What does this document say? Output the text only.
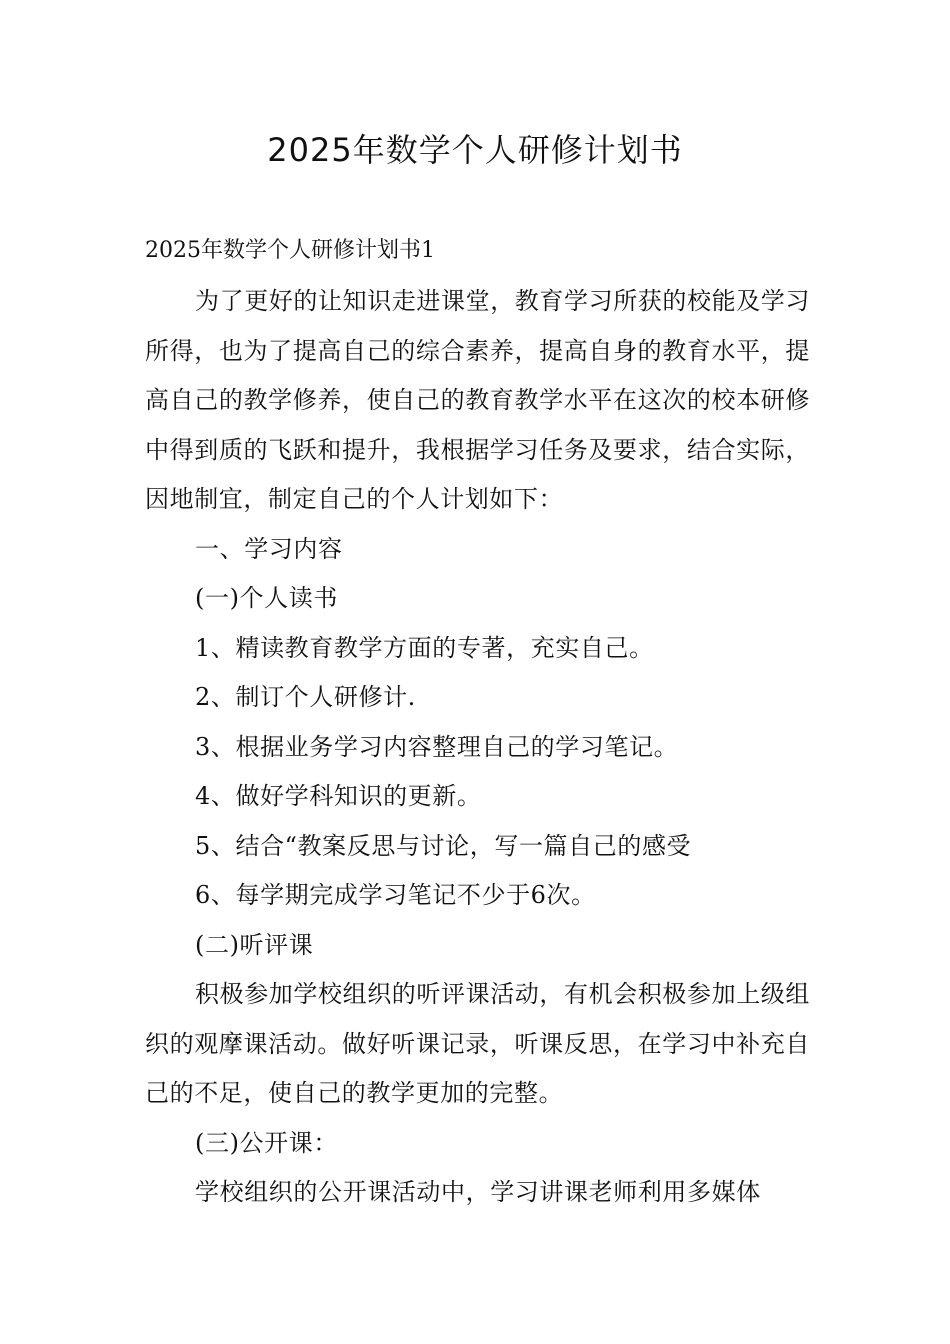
2025年数学个人研修计划书

2025年数学个人研修计划书1

为了更好的让知识走进课堂，教育学习所获的校能及学习所得，也为了提高自己的综合素养，提高自身的教育水平，提高自己的教学修养，使自己的教育教学水平在这次的校本研修中得到质的飞跃和提升，我根据学习任务及要求，结合实际，因地制宜，制定自己的个人计划如下：

一、学习内容

(一)个人读书

1、精读教育教学方面的专著，充实自己。

2、制订个人研修计.

3、根据业务学习内容整理自己的学习笔记。

4、做好学科知识的更新。

5、结合“教案反思与讨论，写一篇自己的感受

6、每学期完成学习笔记不少于6次。

(二)听评课

积极参加学校组织的听评课活动，有机会积极参加上级组织的观摩课活动。做好听课记录，听课反思，在学习中补充自己的不足，使自己的教学更加的完整。

(三)公开课：

学校组织的公开课活动中，学习讲课老师利用多媒体
